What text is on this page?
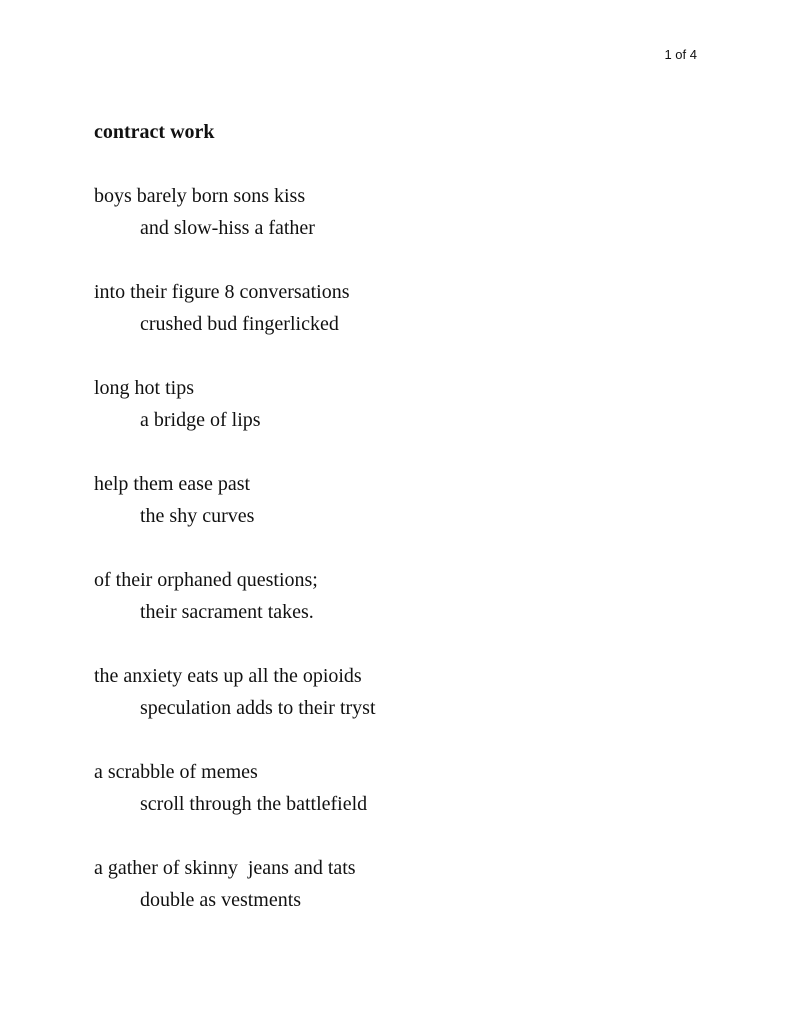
1 of 4
contract work
boys barely born sons kiss
and slow-hiss a father
into their figure 8 conversations
crushed bud fingerlicked
long hot tips
a bridge of lips
help them ease past
the shy curves
of their orphaned questions;
their sacrament takes.
the anxiety eats up all the opioids
speculation adds to their tryst
a scrabble of memes
scroll through the battlefield
a gather of skinny  jeans and tats
double as vestments
